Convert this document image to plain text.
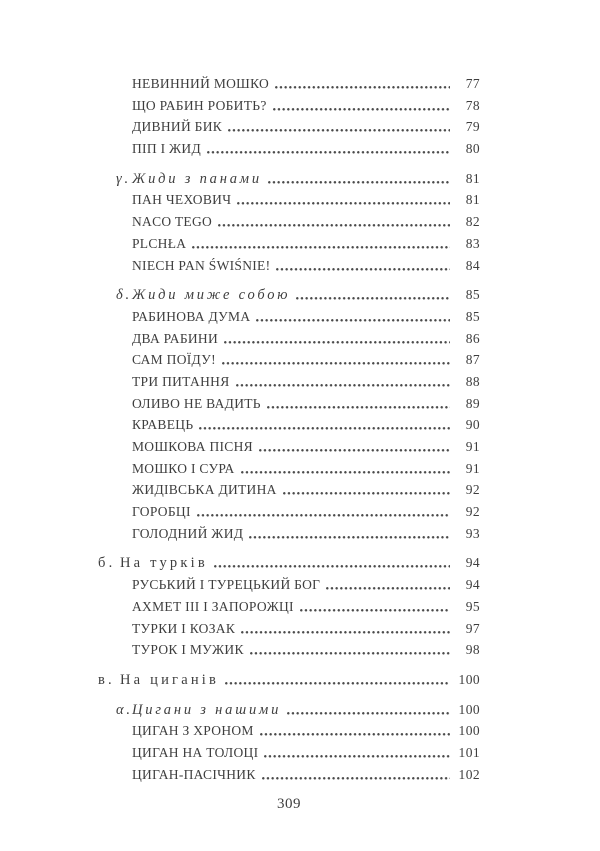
НЕВИННИЙ МОШКО	77
ЩО РАБИН РОБИТЬ?	78
ДИВНИЙ БИК	79
ПІП І ЖИД	80
γ. Жиди з панами	81
ПАН ЧЕХОВИЧ	81
NACO TEGO	82
PLCHŁA	83
NIECH PAN ŚWIŚNIE!	84
δ. Жиди миже собою	85
РАБИНОВА ДУМА	85
ДВА РАБИНИ	86
САМ ПОЇДУ!	87
ТРИ ПИТАННЯ	88
ОЛИВО НЕ ВАДИТЬ	89
КРАВЕЦЬ	90
МОШКОВА ПІСНЯ	91
МОШКО І СУРА	91
ЖИДІВСЬКА ДИТИНА	92
ГОРОБЦІ	92
ГОЛОДНИЙ ЖИД	93
б. На турків	94
РУСЬКИЙ І ТУРЕЦЬКИЙ БОГ	94
АХМЕТ III І ЗАПОРОЖЦІ	95
ТУРКИ І КОЗАК	97
ТУРОК І МУЖИК	98
в. На циганів	100
α. Цигани з нашими	100
ЦИГАН З ХРОНОМ	100
ЦИГАН НА ТОЛОЦІ	101
ЦИГАН-ПАСІЧНИК	102
309
